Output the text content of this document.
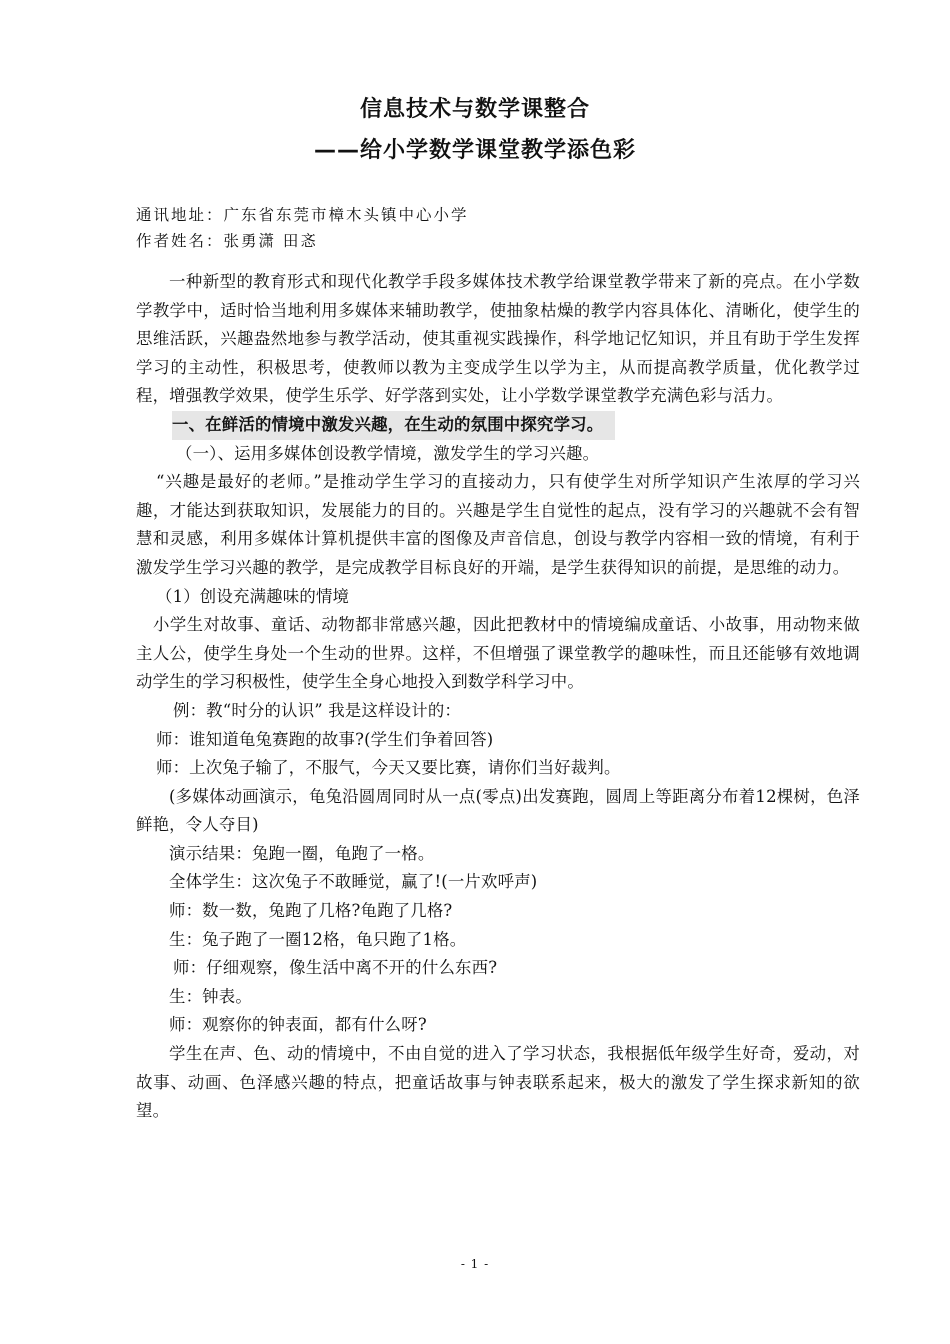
信息技术与数学课整合
——给小学数学课堂教学添色彩
通讯地址：广东省东莞市樟木头镇中心小学
作者姓名：张勇潇 田忞

一种新型的教育形式和现代化教学手段多媒体技术教学给课堂教学带来了新的亮点。在小学数学教学中，适时恰当地利用多媒体来辅助教学，使抽象枯燥的教学内容具体化、清晰化，使学生的思维活跃，兴趣盎然地参与教学活动，使其重视实践操作，科学地记忆知识，并且有助于学生发挥学习的主动性，积极思考，使教师以教为主变成学生以学为主，从而提高教学质量，优化教学过程，增强教学效果，使学生乐学、好学落到实处，让小学数学课堂教学充满色彩与活力。

一、在鲜活的情境中激发兴趣，在生动的氛围中探究学习。

（一）、运用多媒体创设教学情境，激发学生的学习兴趣。

“兴趣是最好的老师。”是推动学生学习的直接动力，只有使学生对所学知识产生浓厚的学习兴趣，才能达到获取知识，发展能力的目的。兴趣是学生自觉性的起点，没有学习的兴趣就不会有智慧和灵感，利用多媒体计算机提供丰富的图像及声音信息，创设与教学内容相一致的情境，有利于激发学生学习兴趣的教学，是完成教学目标良好的开端，是学生获得知识的前提，是思维的动力。

（1）创设充满趣味的情境

小学生对故事、童话、动物都非常感兴趣，因此把教材中的情境编成童话、小故事，用动物来做主人公，使学生身处一个生动的世界。这样，不但增强了课堂教学的趣味性，而且还能够有效地调动学生的学习积极性，使学生全身心地投入到数学科学习中。

例：教“时分的认识” 我是这样设计的：

师：谁知道龟兔赛跑的故事?(学生们争着回答)

师：上次兔子输了，不服气，今天又要比赛，请你们当好裁判。

(多媒体动画演示，龟兔沿圆周同时从一点(零点)出发赛跑，圆周上等距离分布着12棵树，色泽鲜艳，令人夺目)

演示结果：兔跑一圈，龟跑了一格。

全体学生：这次兔子不敢睡觉，赢了!(一片欢呼声)

师：数一数，兔跑了几格?龟跑了几格?

生：兔子跑了一圈12格，龟只跑了1格。

师：仔细观察，像生活中离不开的什么东西?

生：钟表。

师：观察你的钟表面，都有什么呀?

学生在声、色、动的情境中，不由自觉的进入了学习状态，我根据低年级学生好奇，爱动，对故事、动画、色泽感兴趣的特点，把童话故事与钟表联系起来，极大的激发了学生探求新知的欲望。

- 1 -
